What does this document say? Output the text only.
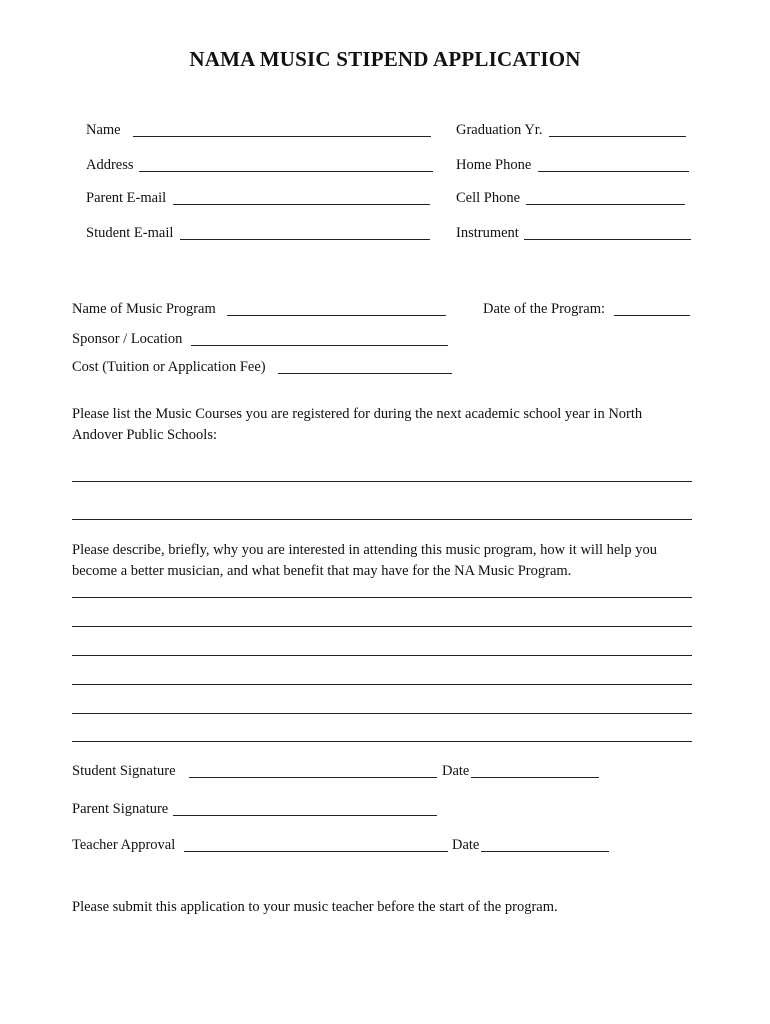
NAMA MUSIC STIPEND APPLICATION
Name	Graduation Yr.
Address	Home Phone
Parent E-mail	Cell Phone
Student E-mail	Instrument
Name of Music Program	Date of the Program:
Sponsor / Location
Cost (Tuition or Application Fee)
Please list the Music Courses you are registered for during the next academic school year in North Andover Public Schools:
Please describe, briefly, why you are interested in attending this music program, how it will help you become a better musician, and what benefit that may have for the NA Music Program.
Student Signature	Date
Parent Signature
Teacher Approval	Date
Please submit this application to your music teacher before the start of the program.
